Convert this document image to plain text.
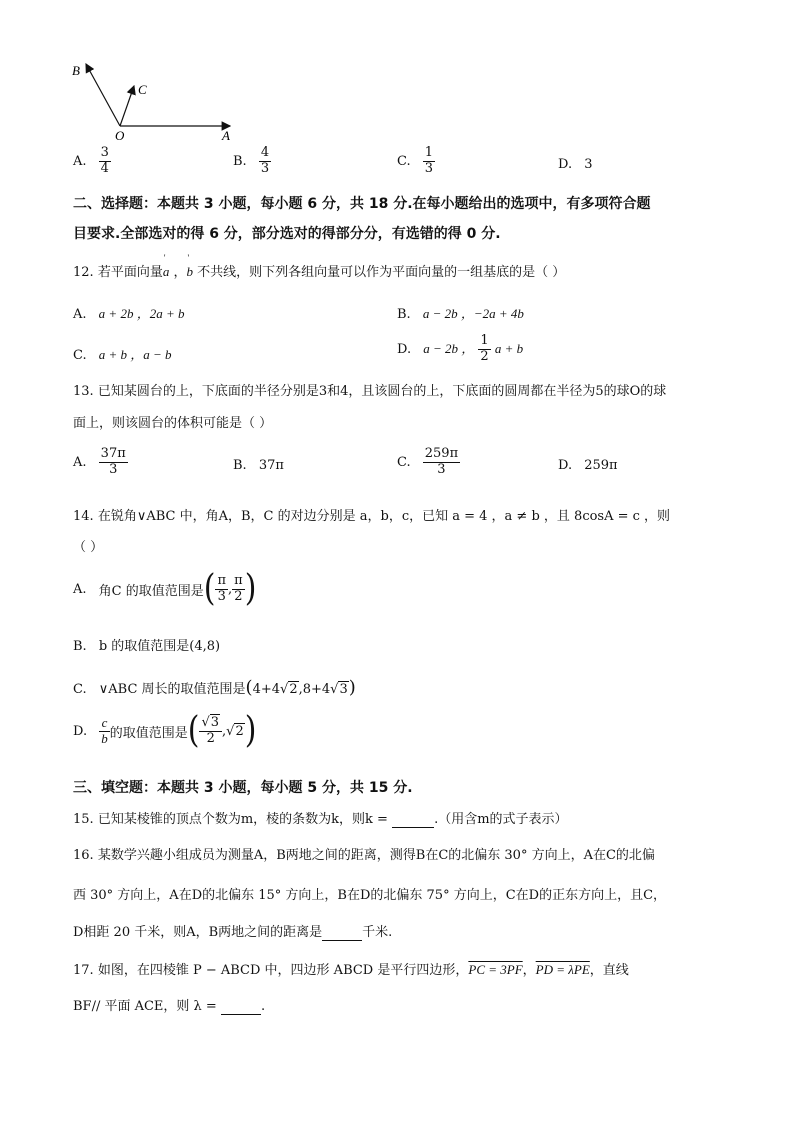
B
C
O	A
A. $\frac{3}{4}$	B. $\frac{4}{3}$	C. $\frac{1}{3}$	D. 3
二、选择题：本题共 3 小题，每小题 6 分，共 18 分.在每小题给出的选项中，有多项符合题
目要求.全部选对的得 6 分，部分选对的得部分分，有选错的得 0 分.
12. 若平面向量
'
a ，
'
b 不共线，则下列各组向量可以作为平面向量的一组基底的是（ ）
A. a + 2b ，2a + b	B. a − 2b ，−2a + 4b
C. a + b ，a − b	D. a − 2b ， $\frac{1}{2}$ a + b
13. 已知某圆台的上，下底面的半径分别是3和4，且该圆台的上，下底面的圆周都在半径为5的球O的球
面上，则该圆台的体积可能是（ ）
A. $\frac{37\pi}{3}$	B. 37π	C. $\frac{259\pi}{3}$	D. 259π
14. 在锐角∨ABC 中，角A，B，C 的对边分别是 a，b，c，已知 a = 4 ，a ≠ b ，且 8cosA = c ，则
（ ）
A. 角C 的取值范围是( $\frac{\pi}{3}$ , $\frac{\pi}{2}$ )
B. b 的取值范围是(4,8)
C. ∨ABC 周长的取值范围是(4+4√2,8+4√3)
D. $\frac{c}{b}$ 的取值范围是( $\frac{√3}{2} ,√2$)
三、填空题：本题共 3 小题，每小题 5 分，共 15 分.
15. 已知某棱锥的顶点个数为m，棱的条数为k，则k =	.（用含m的式子表示）
16. 某数学兴趣小组成员为测量A，B两地之间的距离，测得B在C的北偏东 30° 方向上，A在C的北偏
西 30° 方向上，A在D的北偏东 15° 方向上，B在D的北偏东 75° 方向上，C在D的正东方向上，且C，
D相距 20 千米，则A，B两地之间的距离是	千米.
17. 如图，在四棱锥 P − ABCD 中，四边形 ABCD 是平行四边形，PC = 3PF，PD = λPE，直线
BF// 平面 ACE，则 λ =	.
